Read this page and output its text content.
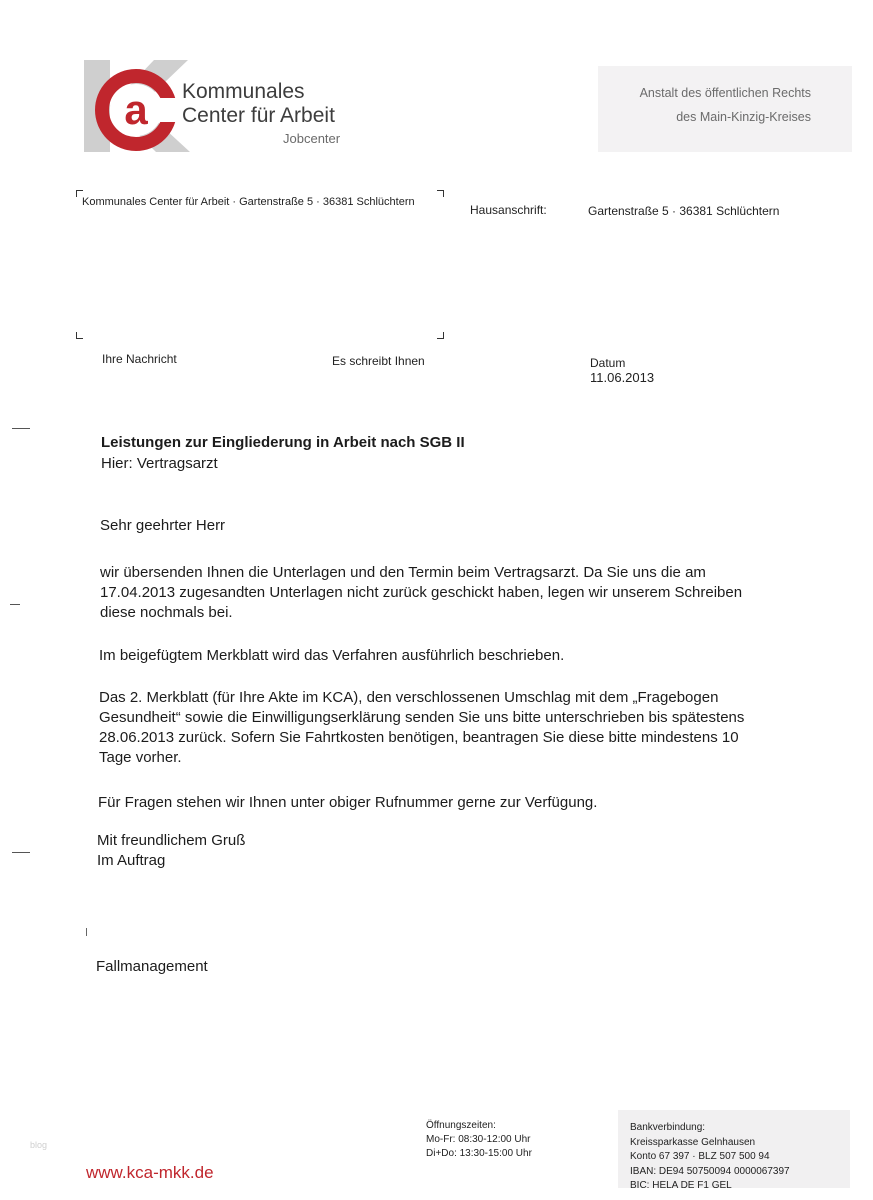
a Kommunales
Center für Arbeit
Jobcenter
Anstalt des öffentlichen Rechts
des Main-Kinzig-Kreises
Kommunales Center für Arbeit · Gartenstraße 5 · 36381 Schlüchtern
Hausanschrift:	Gartenstraße 5 · 36381 Schlüchtern
Ihre Nachricht	Es schreibt Ihnen	Datum
11.06.2013
Leistungen zur Eingliederung in Arbeit nach SGB II
Hier: Vertragsarzt
Sehr geehrter Herr
wir übersenden Ihnen die Unterlagen und den Termin beim Vertragsarzt. Da Sie uns die am
17.04.2013 zugesandten Unterlagen nicht zurück geschickt haben, legen wir unserem Schreiben
diese nochmals bei.
Im beigefügtem Merkblatt wird das Verfahren ausführlich beschrieben.
Das 2. Merkblatt (für Ihre Akte im KCA), den verschlossenen Umschlag mit dem „Fragebogen
Gesundheit“ sowie die Einwilligungserklärung senden Sie uns bitte unterschrieben bis spätestens
28.06.2013 zurück. Sofern Sie Fahrtkosten benötigen, beantragen Sie diese bitte mindestens 10
Tage vorher.
Für Fragen stehen wir Ihnen unter obiger Rufnummer gerne zur Verfügung.
Mit freundlichem Gruß
Im Auftrag
Fallmanagement
blog
www.kca-mkk.de
Öffnungszeiten:
Mo-Fr: 08:30-12:00 Uhr
Di+Do: 13:30-15:00 Uhr
Bankverbindung:
Kreissparkasse Gelnhausen
Konto 67 397 · BLZ 507 500 94
IBAN: DE94 50750094 0000067397
BIC: HELA DE F1 GEL
